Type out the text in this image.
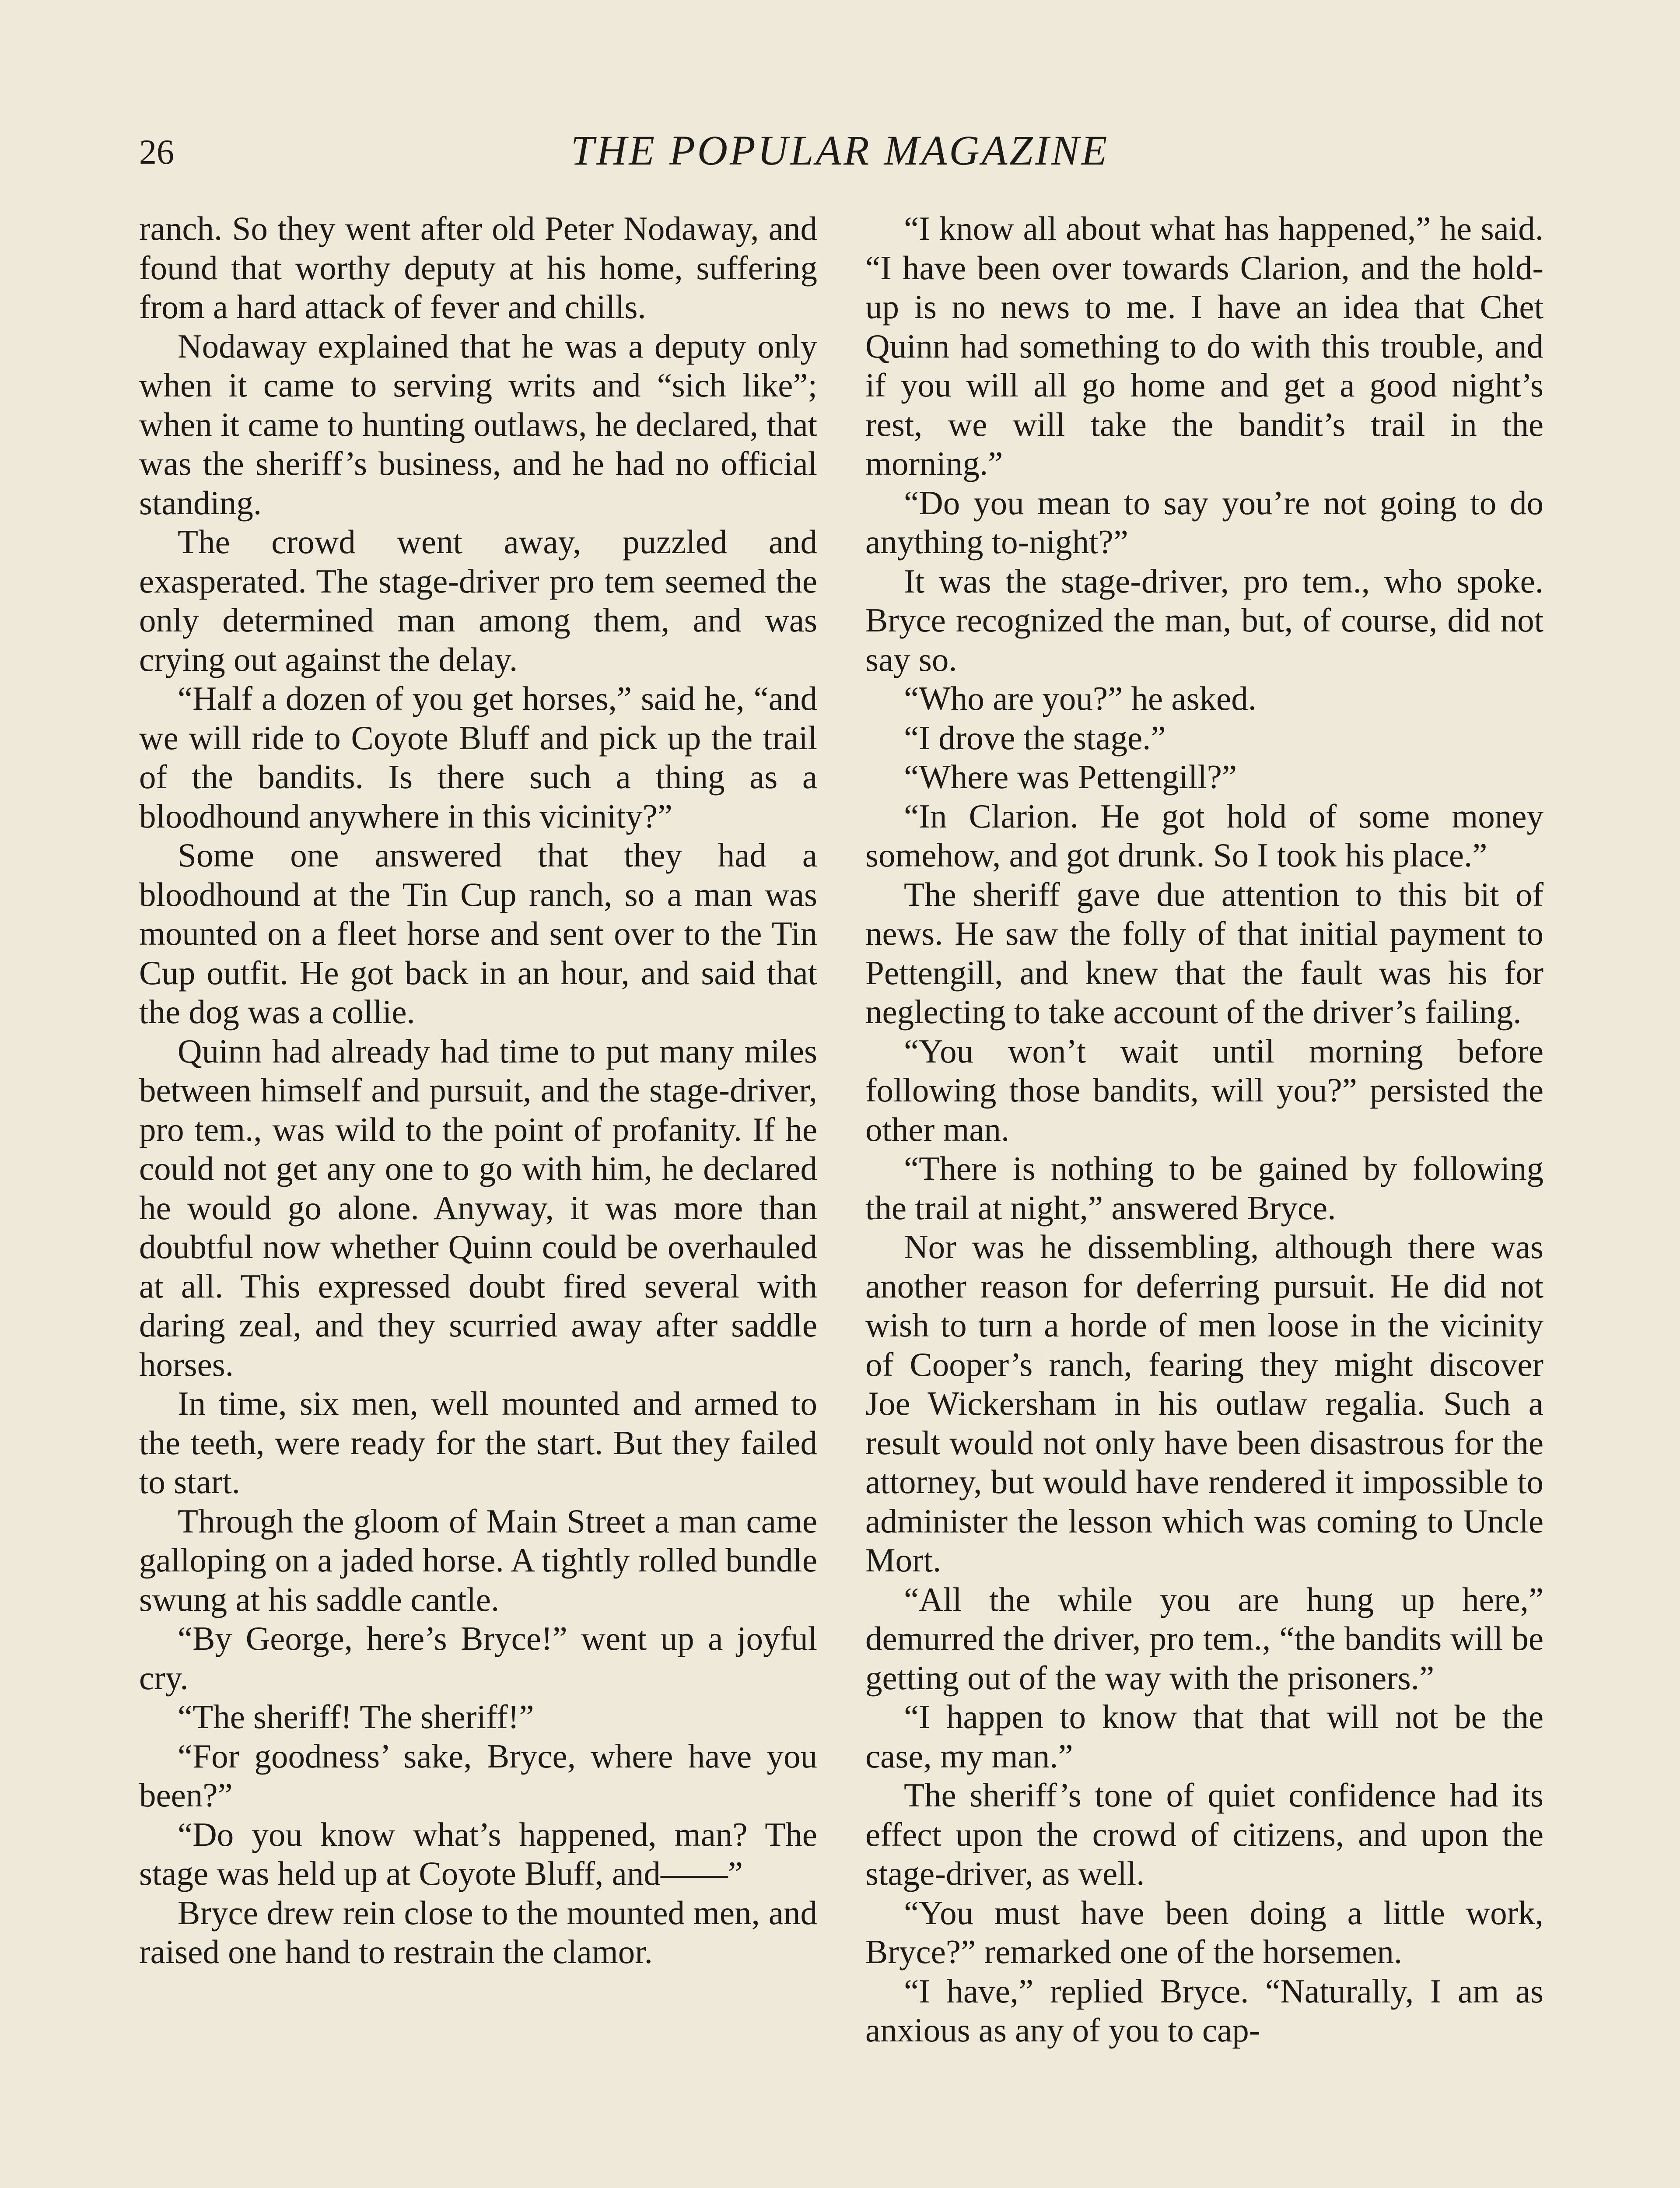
26	THE POPULAR MAGAZINE

ranch. So they went after old Peter Nodaway, and found that worthy deputy at his home, suffering from a hard attack of fever and chills.

Nodaway explained that he was a deputy only when it came to serving writs and “sich like”; when it came to hunting outlaws, he declared, that was the sheriff’s business, and he had no official standing.

The crowd went away, puzzled and exasperated. The stage-driver pro tem seemed the only determined man among them, and was crying out against the delay.

“Half a dozen of you get horses,” said he, “and we will ride to Coyote Bluff and pick up the trail of the bandits. Is there such a thing as a bloodhound anywhere in this vicinity?”

Some one answered that they had a bloodhound at the Tin Cup ranch, so a man was mounted on a fleet horse and sent over to the Tin Cup outfit. He got back in an hour, and said that the dog was a collie.

Quinn had already had time to put many miles between himself and pursuit, and the stage-driver, pro tem., was wild to the point of profanity. If he could not get any one to go with him, he declared he would go alone. Anyway, it was more than doubtful now whether Quinn could be overhauled at all. This expressed doubt fired several with daring zeal, and they scurried away after saddle horses.

In time, six men, well mounted and armed to the teeth, were ready for the start. But they failed to start.

Through the gloom of Main Street a man came galloping on a jaded horse. A tightly rolled bundle swung at his saddle cantle.

“By George, here’s Bryce!” went up a joyful cry.

“The sheriff! The sheriff!”

“For goodness’ sake, Bryce, where have you been?”

“Do you know what’s happened, man? The stage was held up at Coyote Bluff, and——”

Bryce drew rein close to the mounted men, and raised one hand to restrain the clamor.

“I know all about what has happened,” he said. “I have been over towards Clarion, and the hold-up is no news to me. I have an idea that Chet Quinn had something to do with this trouble, and if you will all go home and get a good night’s rest, we will take the bandit’s trail in the morning.”

“Do you mean to say you’re not going to do anything to-night?”

It was the stage-driver, pro tem., who spoke. Bryce recognized the man, but, of course, did not say so.

“Who are you?” he asked.

“I drove the stage.”

“Where was Pettengill?”

“In Clarion. He got hold of some money somehow, and got drunk. So I took his place.”

The sheriff gave due attention to this bit of news. He saw the folly of that initial payment to Pettengill, and knew that the fault was his for neglecting to take account of the driver’s failing.

“You won’t wait until morning before following those bandits, will you?” persisted the other man.

“There is nothing to be gained by following the trail at night,” answered Bryce.

Nor was he dissembling, although there was another reason for deferring pursuit. He did not wish to turn a horde of men loose in the vicinity of Cooper’s ranch, fearing they might discover Joe Wickersham in his outlaw regalia. Such a result would not only have been disastrous for the attorney, but would have rendered it impossible to administer the lesson which was coming to Uncle Mort.

“All the while you are hung up here,” demurred the driver, pro tem., “the bandits will be getting out of the way with the prisoners.”

“I happen to know that that will not be the case, my man.”

The sheriff’s tone of quiet confidence had its effect upon the crowd of citizens, and upon the stage-driver, as well.

“You must have been doing a little work, Bryce?” remarked one of the horsemen.

“I have,” replied Bryce. “Naturally, I am as anxious as any of you to cap-
